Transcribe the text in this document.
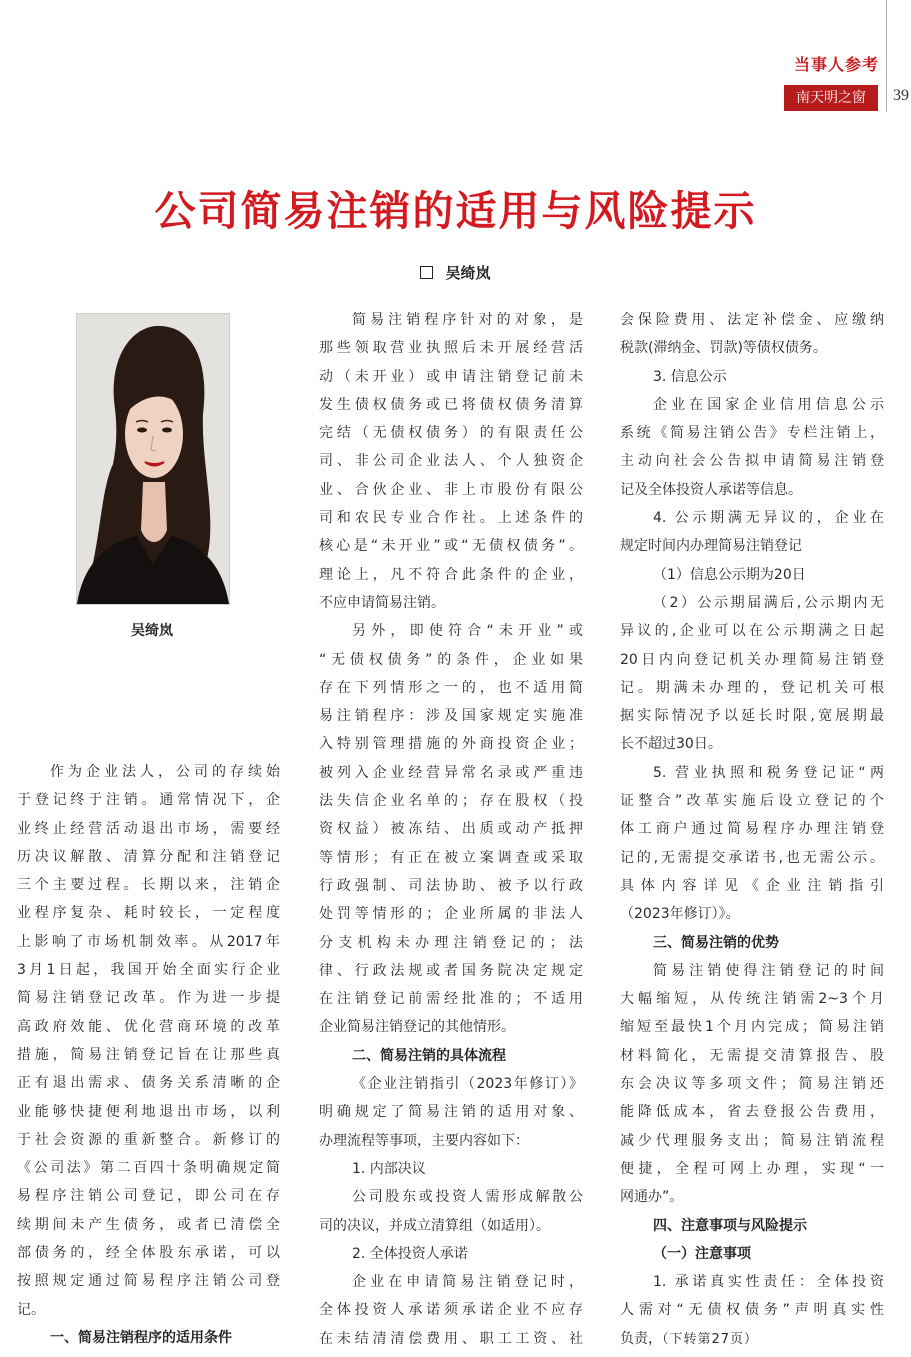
当事人参考
南天明之窗	39
公司简易注销的适用与风险提示
吴绮岚
吴绮岚

作为企业法人，公司的存续始

于登记终于注销。通常情况下，企

业终止经营活动退出市场，需要经

历决议解散、清算分配和注销登记

三个主要过程。长期以来，注销企

业程序复杂、耗时较长，一定程度

上影响了市场机制效率。从2017年

3月1日起，我国开始全面实行企业

简易注销登记改革。作为进一步提

高政府效能、优化营商环境的改革

措施，简易注销登记旨在让那些真

正有退出需求、债务关系清晰的企

业能够快捷便利地退出市场，以利

于社会资源的重新整合。新修订的

《公司法》第二百四十条明确规定简

易程序注销公司登记，即公司在存

续期间未产生债务，或者已清偿全

部债务的，经全体股东承诺，可以

按照规定通过简易程序注销公司登

记。

一、简易注销程序的适用条件

简易注销程序针对的对象，是

那些领取营业执照后未开展经营活

动（未开业）或申请注销登记前未

发生债权债务或已将债权债务清算

完结（无债权债务）的有限责任公

司、非公司企业法人、个人独资企

业、合伙企业、非上市股份有限公

司和农民专业合作社。上述条件的

核心是“未开业”或“无债权债务”。

理论上，凡不符合此条件的企业，

不应申请简易注销。

另外，即使符合“未开业”或

“无债权债务”的条件，企业如果

存在下列情形之一的，也不适用简

易注销程序：涉及国家规定实施准

入特别管理措施的外商投资企业；

被列入企业经营异常名录或严重违

法失信企业名单的；存在股权（投

资权益）被冻结、出质或动产抵押

等情形；有正在被立案调查或采取

行政强制、司法协助、被予以行政

处罚等情形的；企业所属的非法人

分支机构未办理注销登记的；法

律、行政法规或者国务院决定规定

在注销登记前需经批准的；不适用

企业简易注销登记的其他情形。

二、简易注销的具体流程

《企业注销指引（2023年修订）》

明确规定了简易注销的适用对象、

办理流程等事项，主要内容如下：

1. 内部决议

公司股东或投资人需形成解散公

司的决议，并成立清算组（如适用）。

2. 全体投资人承诺

企业在申请简易注销登记时，

全体投资人承诺须承诺企业不应存

在未结清清偿费用、职工工资、社

会保险费用、法定补偿金、应缴纳

税款(滞纳金、罚款)等债权债务。

3. 信息公示

企业在国家企业信用信息公示

系统《简易注销公告》专栏注销上，

主动向社会公告拟申请简易注销登

记及全体投资人承诺等信息。

4. 公示期满无异议的，企业在

规定时间内办理简易注销登记

（1）信息公示期为20日

（2）公示期届满后,公示期内无

异议的,企业可以在公示期满之日起

20日内向登记机关办理简易注销登

记。期满未办理的，登记机关可根

据实际情况予以延长时限,宽展期最

长不超过30日。

5. 营业执照和税务登记证“两

证整合”改革实施后设立登记的个

体工商户通过简易程序办理注销登

记的,无需提交承诺书,也无需公示。

具体内容详见《企业注销指引

（2023年修订）》。

三、简易注销的优势

简易注销使得注销登记的时间

大幅缩短，从传统注销需2~3个月

缩短至最快1个月内完成；简易注销

材料简化，无需提交清算报告、股

东会决议等多项文件；简易注销还

能降低成本，省去登报公告费用，

减少代理服务支出；简易注销流程

便捷，全程可网上办理，实现“一

网通办”。

四、注意事项与风险提示

（一）注意事项

1. 承诺真实性责任：全体投资

人需对“无债权债务”声明真实性

负责，（下转第27页）
